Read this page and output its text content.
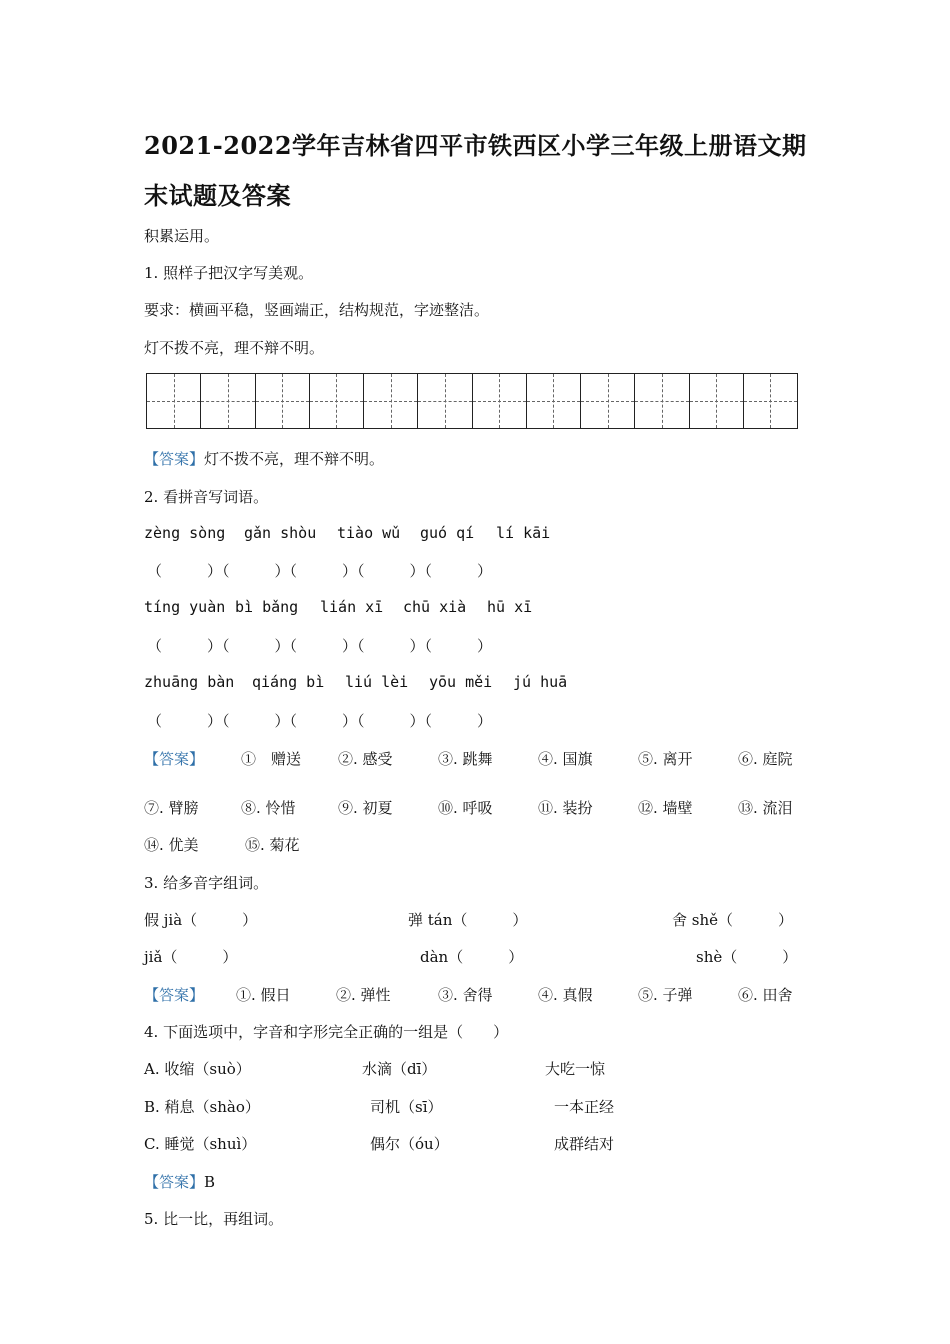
2021-2022学年吉林省四平市铁西区小学三年级上册语文期
末试题及答案
积累运用。
1. 照样子把汉字写美观。
要求：横画平稳，竖画端正，结构规范，字迹整洁。
灯不拨不亮，理不辩不明。
【答案】灯不拨不亮，理不辩不明。
2. 看拼音写词语。
zèng sòng gǎn shòu tiào wǔ guó qí lí kāi
（　　　）（　　　）（　　　）（　　　）（　　　）
tíng yuàn bì bǎng lián xī chū xià hū xī
（　　　）（　　　）（　　　）（　　　）（　　　）
zhuāng bàn qiáng bì liú lèi yōu měi jú huā
（　　　）（　　　）（　　　）（　　　）（　　　）
【答案】 ①　赠送 ②. 感受	③. 跳舞	④. 国旗	⑤. 离开	⑥. 庭院
⑦. 臂膀	⑧. 怜惜	⑨. 初夏	⑩. 呼吸	⑪. 装扮	⑫. 墙壁	⑬. 流泪
⑭. 优美	⑮. 菊花
3. 给多音字组词。
假 jià（　　　）	弹 tán（　　　）	舍 shě（　　　）
jiǎ（　　　）	dàn（　　　）	shè（　　　）
【答案】 ①. 假日	②. 弹性	③. 舍得	④. 真假	⑤. 子弹	⑥. 田舍
4. 下面选项中，字音和字形完全正确的一组是（　　）
A. 收缩（suò）	水滴（dī）	大吃一惊
B. 稍息（shào）	司机（sī）	一本正经
C. 睡觉（shuì）	偶尔（óu）	成群结对
【答案】B
5. 比一比，再组词。
